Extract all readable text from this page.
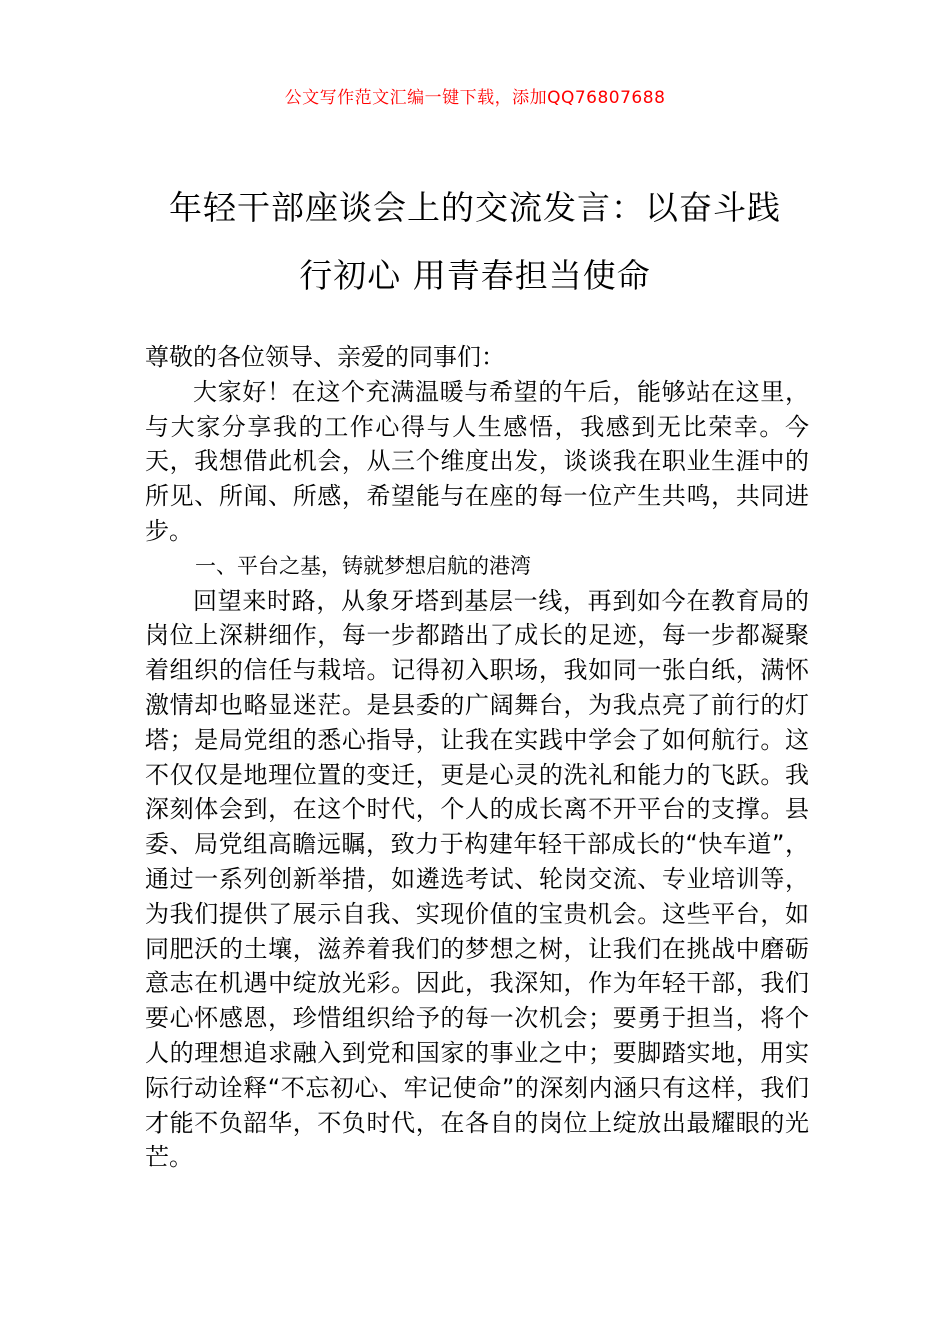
公文写作范文汇编一键下载，添加QQ76807688
年轻干部座谈会上的交流发言：以奋斗践
行初心 用青春担当使命

尊敬的各位领导、亲爱的同事们：

大家好！在这个充满温暖与希望的午后，能够站在这里，与大家分享我的工作心得与人生感悟，我感到无比荣幸。今天，我想借此机会，从三个维度出发，谈谈我在职业生涯中的所见、所闻、所感，希望能与在座的每一位产生共鸣，共同进步。

一、平台之基，铸就梦想启航的港湾

回望来时路，从象牙塔到基层一线，再到如今在教育局的岗位上深耕细作，每一步都踏出了成长的足迹，每一步都凝聚着组织的信任与栽培。记得初入职场，我如同一张白纸，满怀激情却也略显迷茫。是县委的广阔舞台，为我点亮了前行的灯塔；是局党组的悉心指导，让我在实践中学会了如何航行。这不仅仅是地理位置的变迁，更是心灵的洗礼和能力的飞跃。我深刻体会到，在这个时代，个人的成长离不开平台的支撑。县委、局党组高瞻远瞩，致力于构建年轻干部成长的“快车道”，通过一系列创新举措，如遴选考试、轮岗交流、专业培训等，为我们提供了展示自我、实现价值的宝贵机会。这些平台，如同肥沃的土壤，滋养着我们的梦想之树，让我们在挑战中磨砺意志在机遇中绽放光彩。因此，我深知，作为年轻干部，我们要心怀感恩，珍惜组织给予的每一次机会；要勇于担当，将个人的理想追求融入到党和国家的事业之中；要脚踏实地，用实际行动诠释“不忘初心、牢记使命”的深刻内涵只有这样，我们才能不负韶华，不负时代，在各自的岗位上绽放出最耀眼的光芒。
